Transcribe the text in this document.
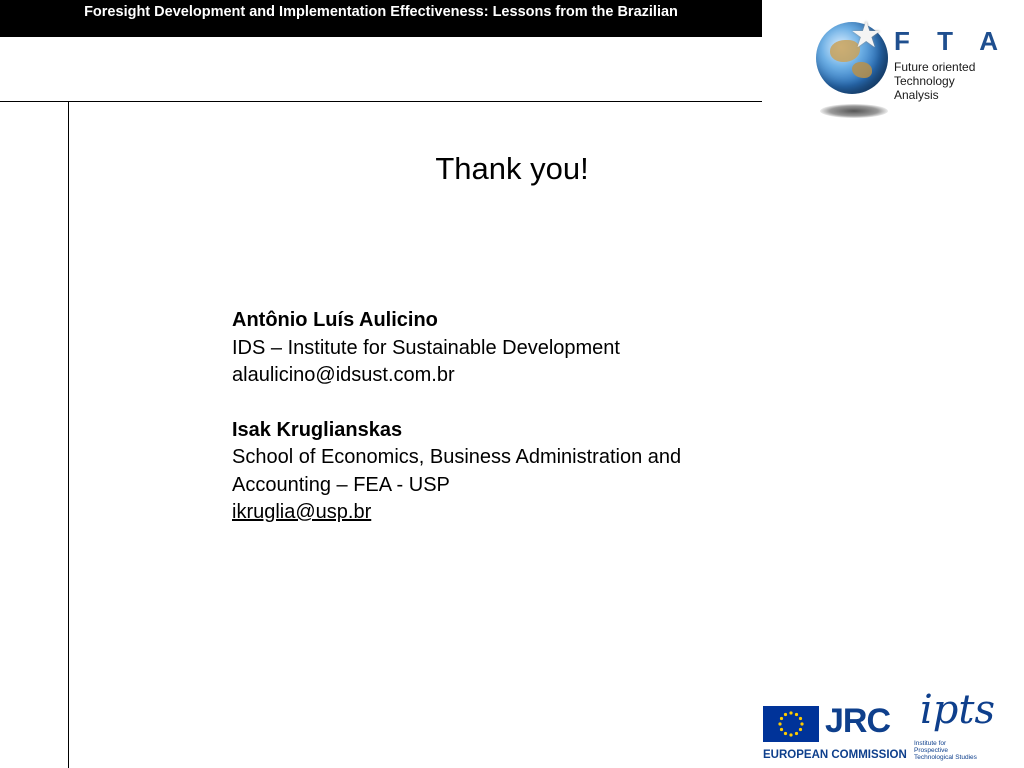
Foresight Development and Implementation Effectiveness: Lessons from the Brazilian
★ F T A
Future oriented
Technology
Analysis
Thank you!
Antônio Luís Aulicino
IDS – Institute for Sustainable Development
alaulicino@idsust.com.br
Isak Kruglianskas
School of Economics, Business Administration and
Accounting – FEA - USP
ikruglia@usp.br
JRC
EUROPEAN COMMISSION
ipts
Institute for
Prospective
Technological Studies
